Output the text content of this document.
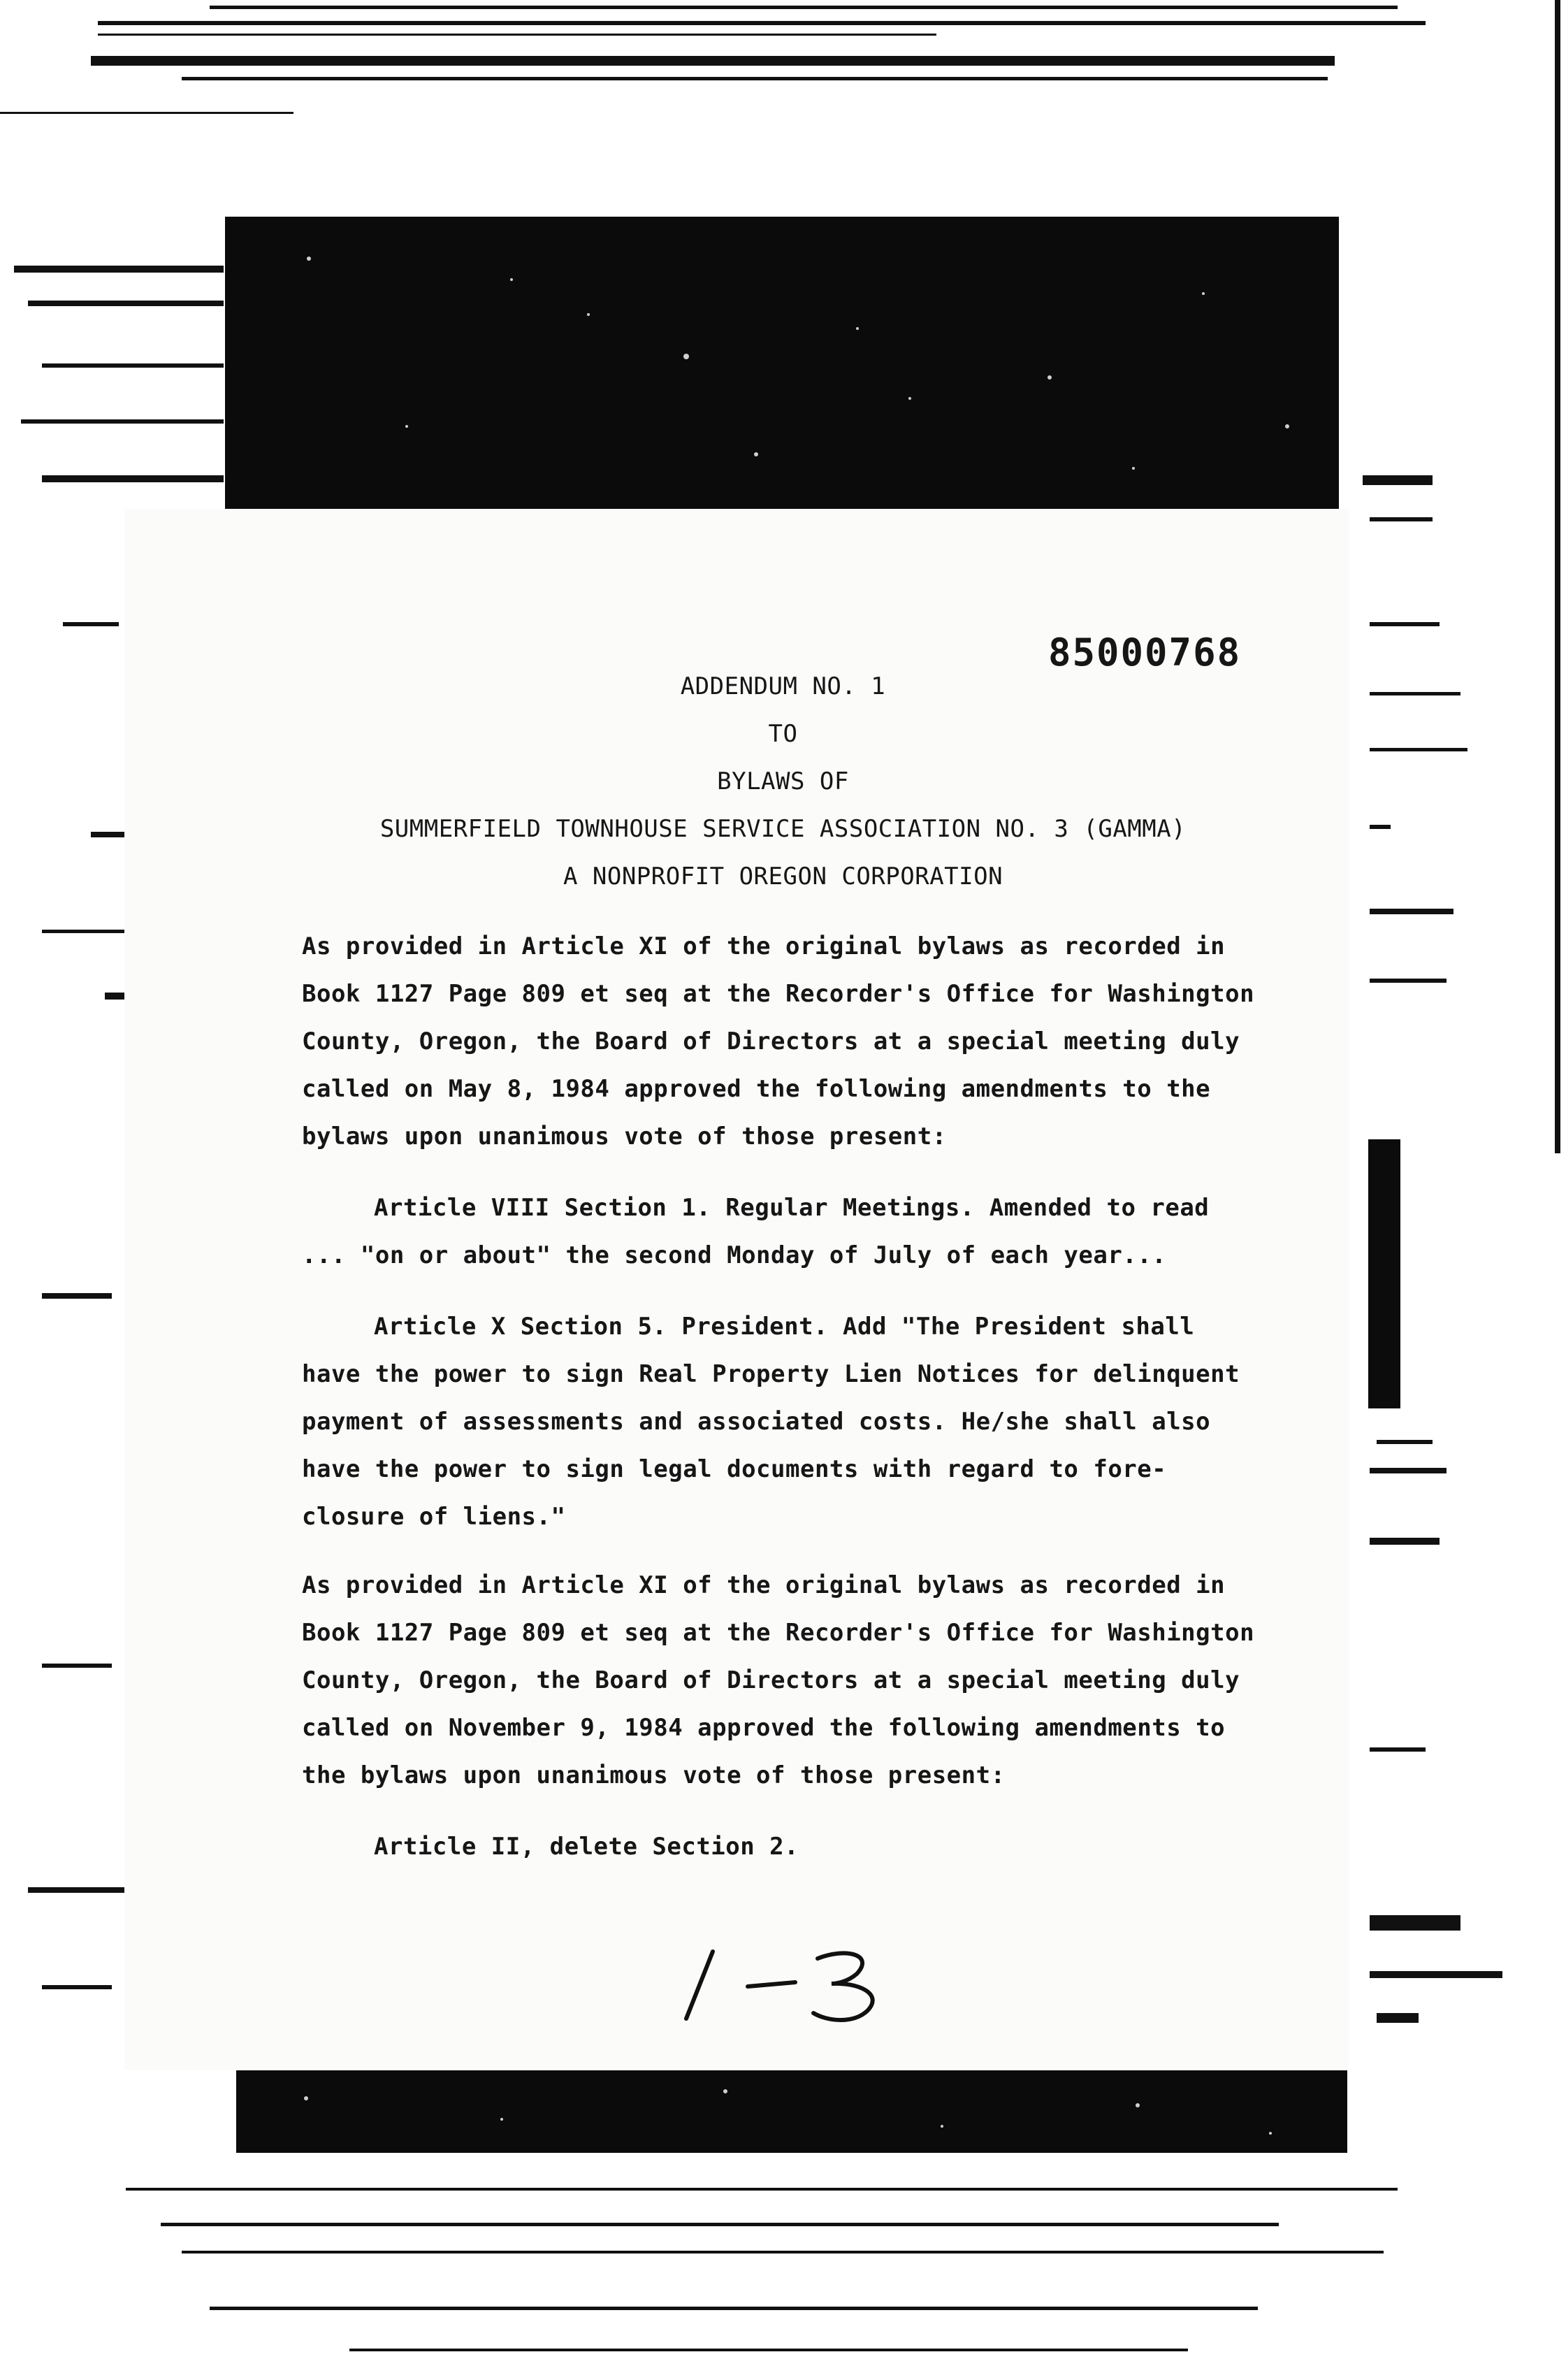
85000768
ADDENDUM NO. 1
TO
BYLAWS OF
SUMMERFIELD TOWNHOUSE SERVICE ASSOCIATION NO. 3 (GAMMA)
A NONPROFIT OREGON CORPORATION
As provided in Article XI of the original bylaws as recorded in
Book 1127 Page 809 et seq at the Recorder's Office for Washington
County, Oregon, the Board of Directors at a special meeting duly
called on May 8, 1984 approved the following amendments to the
bylaws upon unanimous vote of those present:
Article VIII Section 1. Regular Meetings. Amended to read
... "on or about" the second Monday of July of each year...
Article X Section 5. President. Add "The President shall
have the power to sign Real Property Lien Notices for delinquent
payment of assessments and associated costs. He/she shall also
have the power to sign legal documents with regard to fore-
closure of liens."
As provided in Article XI of the original bylaws as recorded in
Book 1127 Page 809 et seq at the Recorder's Office for Washington
County, Oregon, the Board of Directors at a special meeting duly
called on November 9, 1984 approved the following amendments to
the bylaws upon unanimous vote of those present:
Article II, delete Section 2.
